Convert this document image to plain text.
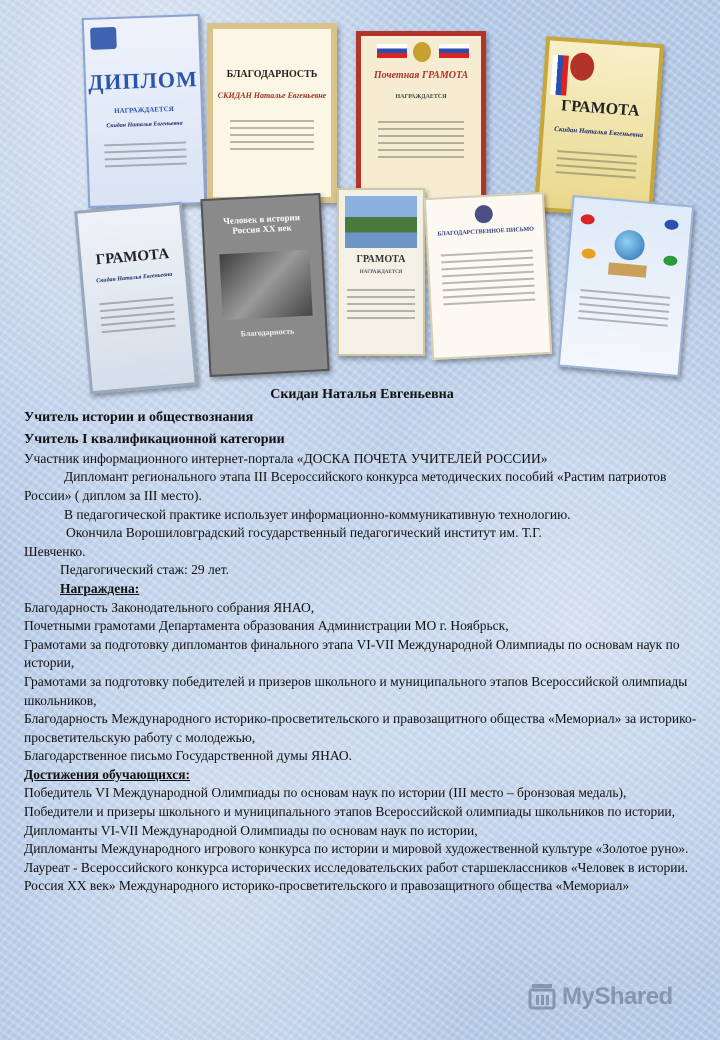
ДИПЛОМ
НАГРАЖДАЕТСЯ
Скидан Наталья Евгеньевна
БЛАГОДАРНОСТЬ
СКИДАН Наталье Евгеньевне
Почетная ГРАМОТА
НАГРАЖДАЕТСЯ
ГРАМОТА
Скидан Наталья Евгеньевна
ГРАМОТА
Скидан Наталья Евгеньевна
Человек в истории Россия XX век
Благодарность
ГРАМОТА
НАГРАЖДАЕТСЯ
БЛАГОДАРСТВЕННОЕ ПИСЬМО

Скидан Наталья Евгеньевна

Учитель истории и обществознания

Учитель I квалификационной категории

Участник информационного интернет-портала «ДОСКА ПОЧЕТА УЧИТЕЛЕЙ РОССИИ»

Дипломант регионального этапа III Всероссийского конкурса методических пособий «Растим патриотов России» ( диплом за III место).

В педагогической практике использует информационно-коммуникативную технологию.

Окончила Ворошиловградский государственный педагогический институт им. Т.Г. Шевченко.

Педагогический стаж: 29 лет.

Награждена:

Благодарность Законодательного собрания ЯНАО,

Почетными грамотами Департамента образования Администрации МО г. Ноябрьск,

Грамотами за подготовку дипломантов финального этапа VI-VII Международной Олимпиады по основам наук по истории,

Грамотами за подготовку победителей и призеров школьного и муниципального этапов Всероссийской олимпиады школьников,

Благодарность Международного историко-просветительского и правозащитного общества «Мемориал» за историко-просветительскую работу с молодежью,

Благодарственное письмо Государственной думы ЯНАО.

Достижения обучающихся:

Победитель VI Международной Олимпиады по основам наук по истории (III место – бронзовая медаль),

Победители и призеры школьного и муниципального этапов Всероссийской олимпиады школьников по истории,

Дипломанты VI-VII Международной Олимпиады по основам наук по истории,

Дипломанты Международного игрового конкурса по истории и мировой художественной культуре «Золотое руно».

Лауреат - Всероссийского конкурса исторических исследовательских работ старшеклассников «Человек в истории. Россия XX век» Международного историко-просветительского и правозащитного общества «Мемориал»

MyShared
